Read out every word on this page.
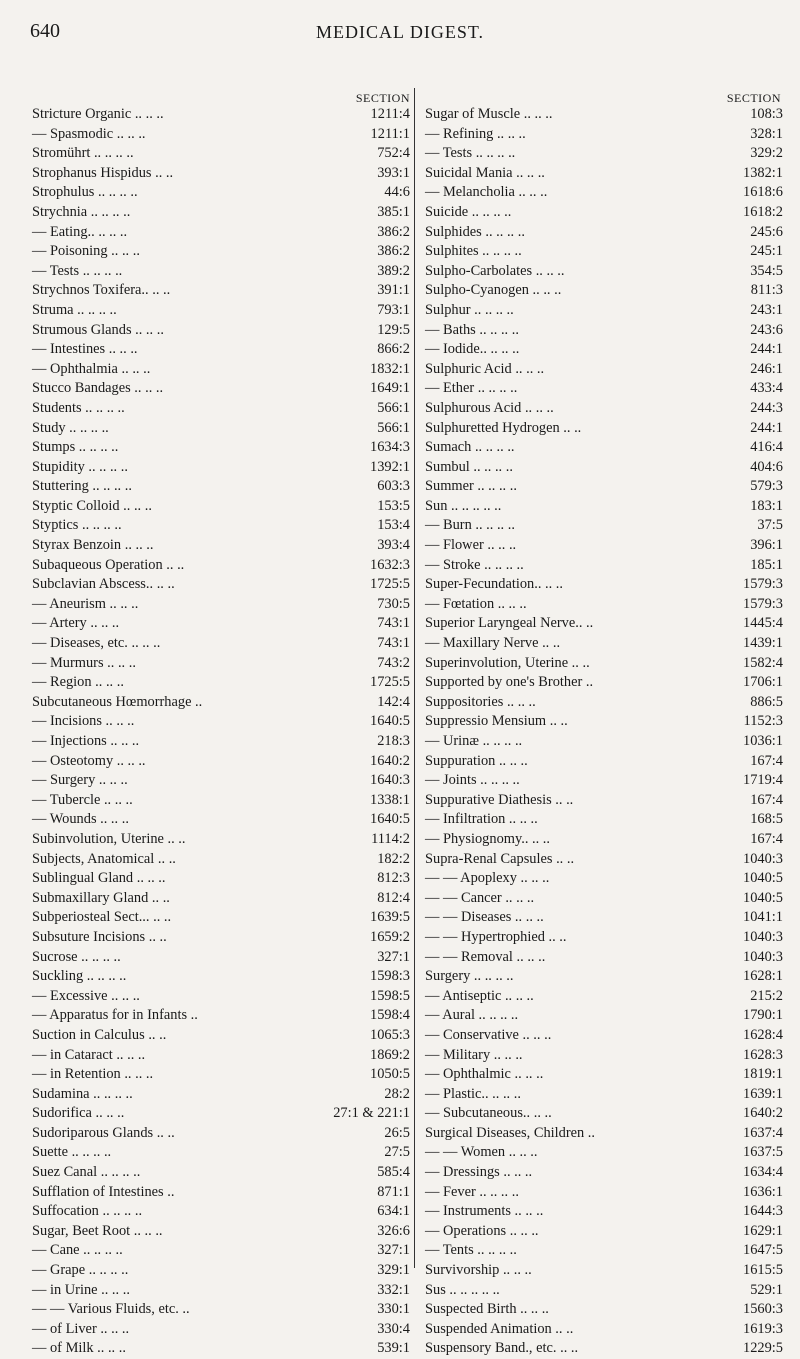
640	MEDICAL DIGEST.
SECTION
Stricture Organic .. .. ..	1211:4
— Spasmodic .. .. ..	1211:1
Stromührt .. .. .. ..	752:4
Strophanus Hispidus .. ..	393:1
Strophulus .. .. .. ..	44:6
Strychnia .. .. .. ..	385:1
— Eating.. .. .. ..	386:2
— Poisoning .. .. ..	386:2
— Tests .. .. .. ..	389:2
Strychnos Toxifera.. .. ..	391:1
Struma .. .. .. ..	793:1
Strumous Glands .. .. ..	129:5
— Intestines .. .. ..	866:2
— Ophthalmia .. .. ..	1832:1
Stucco Bandages .. .. ..	1649:1
Students .. .. .. ..	566:1
Study .. .. .. ..	566:1
Stumps .. .. .. ..	1634:3
Stupidity .. .. .. ..	1392:1
Stuttering .. .. .. ..	603:3
Styptic Colloid .. .. ..	153:5
Styptics .. .. .. ..	153:4
Styrax Benzoin .. .. ..	393:4
Subaqueous Operation .. ..	1632:3
Subclavian Abscess.. .. ..	1725:5
— Aneurism .. .. ..	730:5
— Artery .. .. ..	743:1
— Diseases, etc. .. .. ..	743:1
— Murmurs .. .. ..	743:2
— Region .. .. ..	1725:5
Subcutaneous Hœmorrhage ..	142:4
— Incisions .. .. ..	1640:5
— Injections .. .. ..	218:3
— Osteotomy .. .. ..	1640:2
— Surgery .. .. ..	1640:3
— Tubercle .. .. ..	1338:1
— Wounds .. .. ..	1640:5
Subinvolution, Uterine .. ..	1114:2
Subjects, Anatomical .. ..	182:2
Sublingual Gland .. .. ..	812:3
Submaxillary Gland .. ..	812:4
Subperiosteal Sect... .. ..	1639:5
Subsuture Incisions .. ..	1659:2
Sucrose .. .. .. ..	327:1
Suckling .. .. .. ..	1598:3
— Excessive .. .. ..	1598:5
— Apparatus for in Infants ..	1598:4
Suction in Calculus .. ..	1065:3
— in Cataract .. .. ..	1869:2
— in Retention .. .. ..	1050:5
Sudamina .. .. .. ..	28:2
Sudorifica .. .. ..	27:1 & 221:1
Sudoriparous Glands .. ..	26:5
Suette .. .. .. ..	27:5
Suez Canal .. .. .. ..	585:4
Sufflation of Intestines ..	871:1
Suffocation .. .. .. ..	634:1
Sugar, Beet Root .. .. ..	326:6
— Cane .. .. .. ..	327:1
— Grape .. .. .. ..	329:1
— in Urine .. .. ..	332:1
— — Various Fluids, etc. ..	330:1
— of Liver .. .. ..	330:4
— of Milk .. .. ..	539:1
SECTION
Sugar of Muscle .. .. ..	108:3
— Refining .. .. ..	328:1
— Tests .. .. .. ..	329:2
Suicidal Mania .. .. ..	1382:1
— Melancholia .. .. ..	1618:6
Suicide .. .. .. ..	1618:2
Sulphides .. .. .. ..	245:6
Sulphites .. .. .. ..	245:1
Sulpho-Carbolates .. .. ..	354:5
Sulpho-Cyanogen .. .. ..	811:3
Sulphur .. .. .. ..	243:1
— Baths .. .. .. ..	243:6
— Iodide.. .. .. ..	244:1
Sulphuric Acid .. .. ..	246:1
— Ether .. .. .. ..	433:4
Sulphurous Acid .. .. ..	244:3
Sulphuretted Hydrogen .. ..	244:1
Sumach .. .. .. ..	416:4
Sumbul .. .. .. ..	404:6
Summer .. .. .. ..	579:3
Sun .. .. .. .. ..	183:1
— Burn .. .. .. ..	37:5
— Flower .. .. ..	396:1
— Stroke .. .. .. ..	185:1
Super-Fecundation.. .. ..	1579:3
— Fœtation .. .. ..	1579:3
Superior Laryngeal Nerve.. ..	1445:4
— Maxillary Nerve .. ..	1439:1
Superinvolution, Uterine .. ..	1582:4
Supported by one's Brother ..	1706:1
Suppositories .. .. ..	886:5
Suppressio Mensium .. ..	1152:3
— Urinæ .. .. .. ..	1036:1
Suppuration .. .. ..	167:4
— Joints .. .. .. ..	1719:4
Suppurative Diathesis .. ..	167:4
— Infiltration .. .. ..	168:5
— Physiognomy.. .. ..	167:4
Supra-Renal Capsules .. ..	1040:3
— — Apoplexy .. .. ..	1040:5
— — Cancer .. .. ..	1040:5
— — Diseases .. .. ..	1041:1
— — Hypertrophied .. ..	1040:3
— — Removal .. .. ..	1040:3
Surgery .. .. .. ..	1628:1
— Antiseptic .. .. ..	215:2
— Aural .. .. .. ..	1790:1
— Conservative .. .. ..	1628:4
— Military .. .. ..	1628:3
— Ophthalmic .. .. ..	1819:1
— Plastic.. .. .. ..	1639:1
— Subcutaneous.. .. ..	1640:2
Surgical Diseases, Children ..	1637:4
— — Women .. .. ..	1637:5
— Dressings .. .. ..	1634:4
— Fever .. .. .. ..	1636:1
— Instruments .. .. ..	1644:3
— Operations .. .. ..	1629:1
— Tents .. .. .. ..	1647:5
Survivorship .. .. ..	1615:5
Sus .. .. .. .. ..	529:1
Suspected Birth .. .. ..	1560:3
Suspended Animation .. ..	1619:3
Suspensory Band., etc. .. ..	1229:5
